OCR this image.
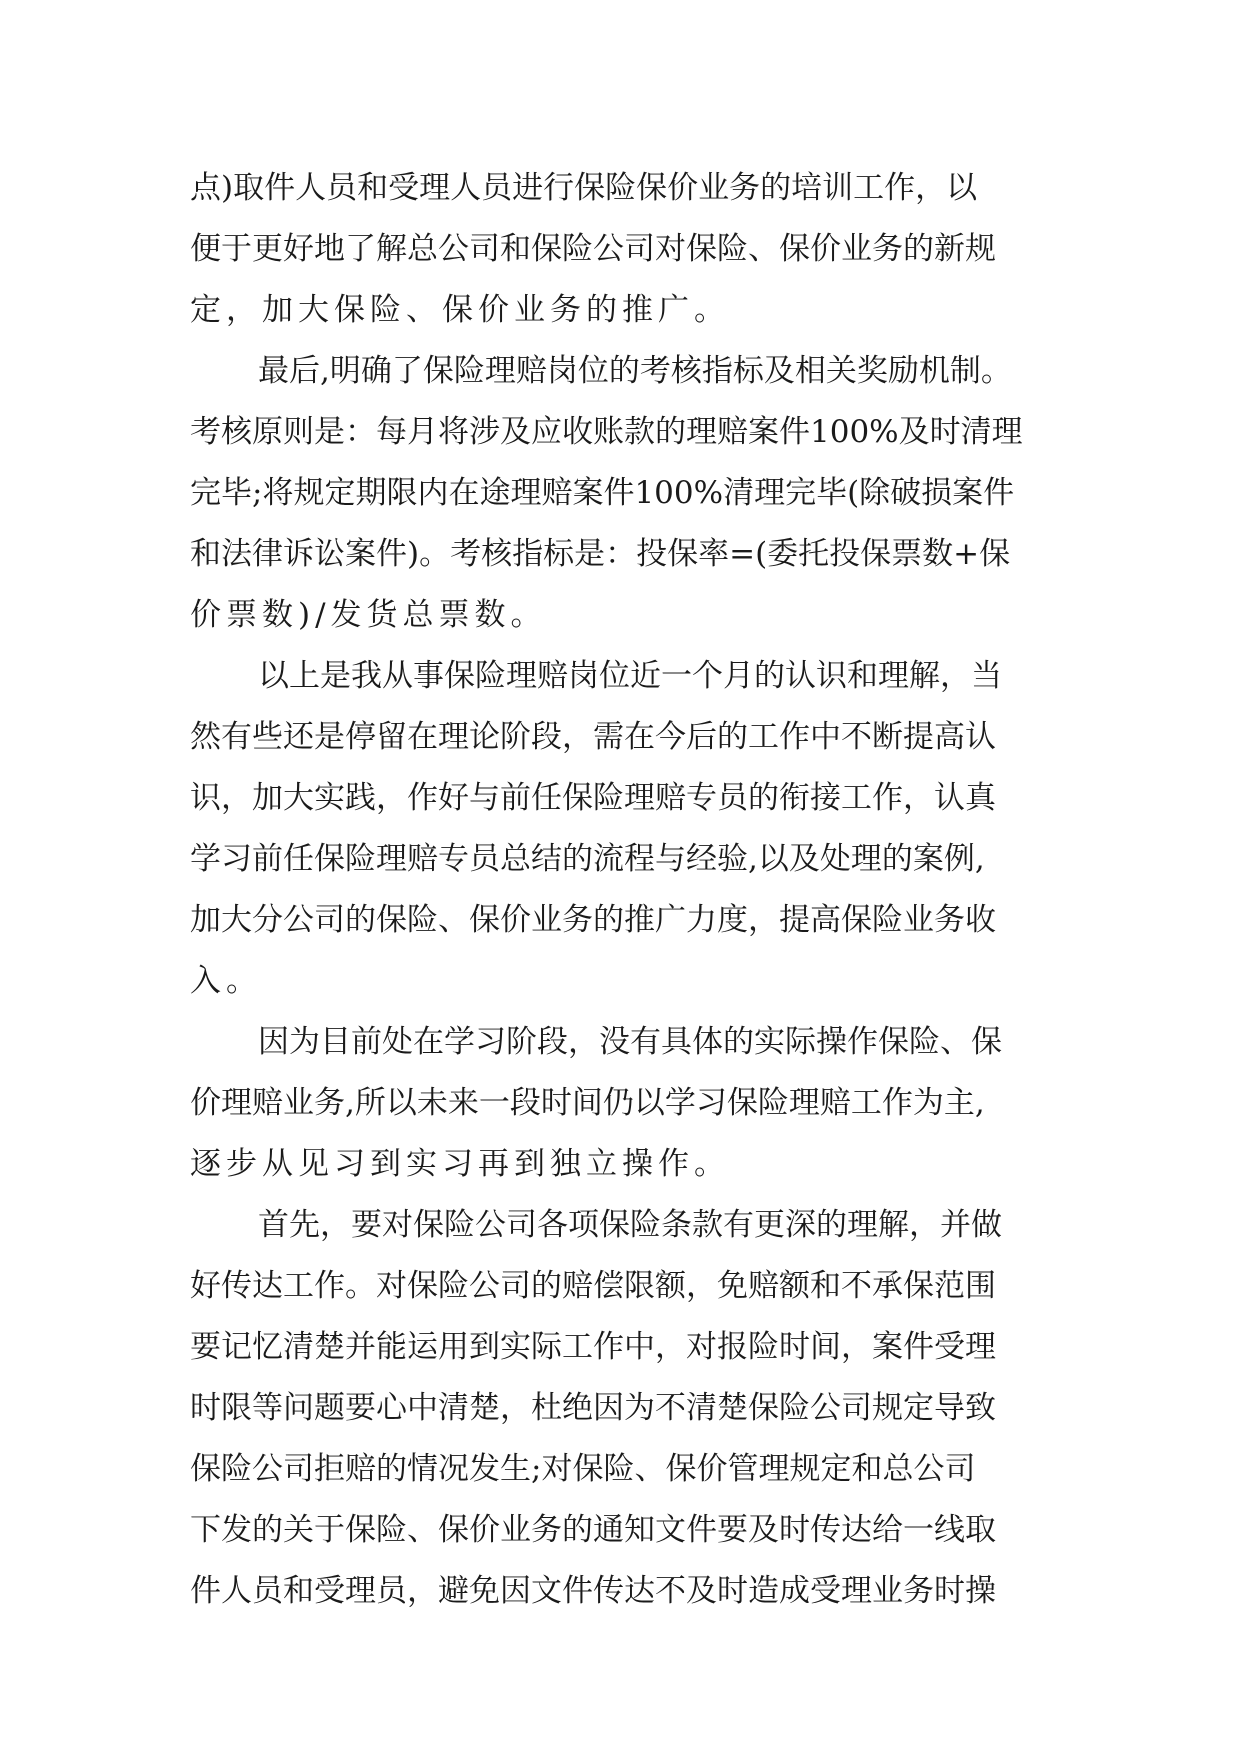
点)取件人员和受理人员进行保险保价业务的培训工作，以
便于更好地了解总公司和保险公司对保险、保价业务的新规
定，加大保险、保价业务的推广。
最后,明确了保险理赔岗位的考核指标及相关奖励机制。
考核原则是：每月将涉及应收账款的理赔案件100%及时清理
完毕;将规定期限内在途理赔案件100%清理完毕(除破损案件
和法律诉讼案件)。考核指标是：投保率=(委托投保票数+保
价票数)/发货总票数。
以上是我从事保险理赔岗位近一个月的认识和理解，当
然有些还是停留在理论阶段，需在今后的工作中不断提高认
识，加大实践，作好与前任保险理赔专员的衔接工作，认真
学习前任保险理赔专员总结的流程与经验,以及处理的案例,
加大分公司的保险、保价业务的推广力度，提高保险业务收
入。
因为目前处在学习阶段，没有具体的实际操作保险、保
价理赔业务,所以未来一段时间仍以学习保险理赔工作为主,
逐步从见习到实习再到独立操作。
首先，要对保险公司各项保险条款有更深的理解，并做
好传达工作。对保险公司的赔偿限额，免赔额和不承保范围
要记忆清楚并能运用到实际工作中，对报险时间，案件受理
时限等问题要心中清楚，杜绝因为不清楚保险公司规定导致
保险公司拒赔的情况发生;对保险、保价管理规定和总公司
下发的关于保险、保价业务的通知文件要及时传达给一线取
件人员和受理员，避免因文件传达不及时造成受理业务时操
